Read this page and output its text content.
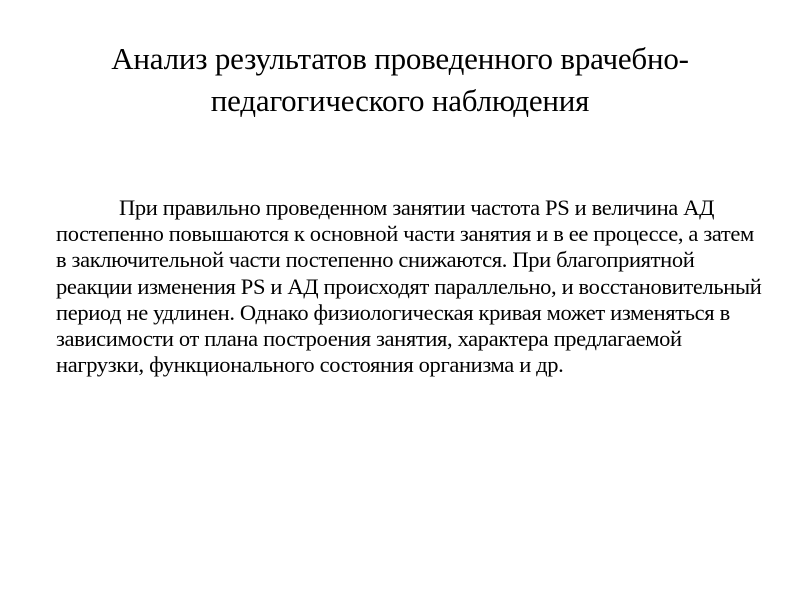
Анализ результатов проведенного врачебно-педагогического наблюдения

При правильно проведенном занятии частота PS и величина АД постепенно повышаются к основной части занятия и в ее процессе, а затем в заключительной части постепенно снижаются. При благоприятной реакции изменения PS и АД происходят параллельно, и восстановительный период не удлинен. Однако физиологическая кривая может изменяться в зависимости от плана построения занятия, характера предлагаемой нагрузки, функционального состояния организма и др.
